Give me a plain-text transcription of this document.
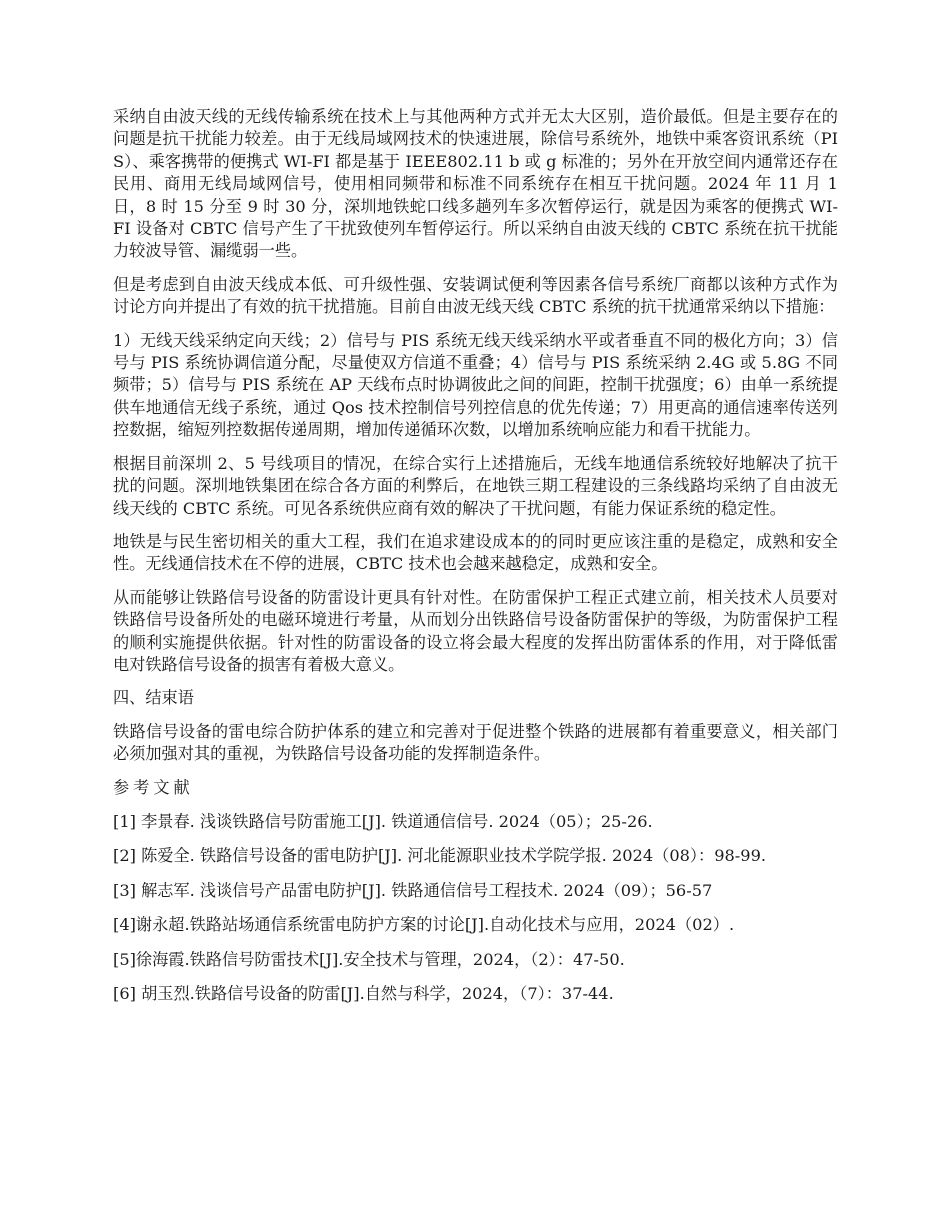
采纳自由波天线的无线传输系统在技术上与其他两种方式并无太大区别，造价最低。但是主要存在的问题是抗干扰能力较差。由于无线局域网技术的快速进展，除信号系统外，地铁中乘客资讯系统（PIS）、乘客携带的便携式 WI-FI 都是基于 IEEE802.11 b 或 g 标准的；另外在开放空间内通常还存在民用、商用无线局域网信号，使用相同频带和标准不同系统存在相互干扰问题。2024 年 11 月 1 日，8 时 15 分至 9 时 30 分，深圳地铁蛇口线多趟列车多次暂停运行，就是因为乘客的便携式 WI-FI 设备对 CBTC 信号产生了干扰致使列车暂停运行。所以采纳自由波天线的 CBTC 系统在抗干扰能力较波导管、漏缆弱一些。

但是考虑到自由波天线成本低、可升级性强、安装调试便利等因素各信号系统厂商都以该种方式作为讨论方向并提出了有效的抗干扰措施。目前自由波无线天线 CBTC 系统的抗干扰通常采纳以下措施：

1）无线天线采纳定向天线；2）信号与 PIS 系统无线天线采纳水平或者垂直不同的极化方向；3）信号与 PIS 系统协调信道分配，尽量使双方信道不重叠；4）信号与 PIS 系统采纳 2.4G 或 5.8G 不同频带；5）信号与 PIS 系统在 AP 天线布点时协调彼此之间的间距，控制干扰强度；6）由单一系统提供车地通信无线子系统，通过 Qos 技术控制信号列控信息的优先传递；7）用更高的通信速率传送列控数据，缩短列控数据传递周期，增加传递循环次数，以增加系统响应能力和看干扰能力。

根据目前深圳 2、5 号线项目的情况，在综合实行上述措施后，无线车地通信系统较好地解决了抗干扰的问题。深圳地铁集团在综合各方面的利弊后，在地铁三期工程建设的三条线路均采纳了自由波无线天线的 CBTC 系统。可见各系统供应商有效的解决了干扰问题，有能力保证系统的稳定性。

地铁是与民生密切相关的重大工程，我们在追求建设成本的的同时更应该注重的是稳定，成熟和安全性。无线通信技术在不停的进展，CBTC 技术也会越来越稳定，成熟和安全。

从而能够让铁路信号设备的防雷设计更具有针对性。在防雷保护工程正式建立前，相关技术人员要对铁路信号设备所处的电磁环境进行考量，从而划分出铁路信号设备防雷保护的等级，为防雷保护工程的顺利实施提供依据。针对性的防雷设备的设立将会最大程度的发挥出防雷体系的作用，对于降低雷电对铁路信号设备的损害有着极大意义。

四、结束语

铁路信号设备的雷电综合防护体系的建立和完善对于促进整个铁路的进展都有着重要意义，相关部门必须加强对其的重视，为铁路信号设备功能的发挥制造条件。

参考文献

[1] 李景春. 浅谈铁路信号防雷施工[J]. 铁道通信信号. 2024（05）；25-26.

[2] 陈爱全. 铁路信号设备的雷电防护[J]. 河北能源职业技术学院学报. 2024（08）：98-99.

[3] 解志军. 浅谈信号产品雷电防护[J]. 铁路通信信号工程技术. 2024（09）；56-57

[4]谢永超.铁路站场通信系统雷电防护方案的讨论[J].自动化技术与应用，2024（02）.

[5]徐海霞.铁路信号防雷技术[J].安全技术与管理，2024，（2）：47-50.

[6] 胡玉烈.铁路信号设备的防雷[J].自然与科学，2024，（7）：37-44.
